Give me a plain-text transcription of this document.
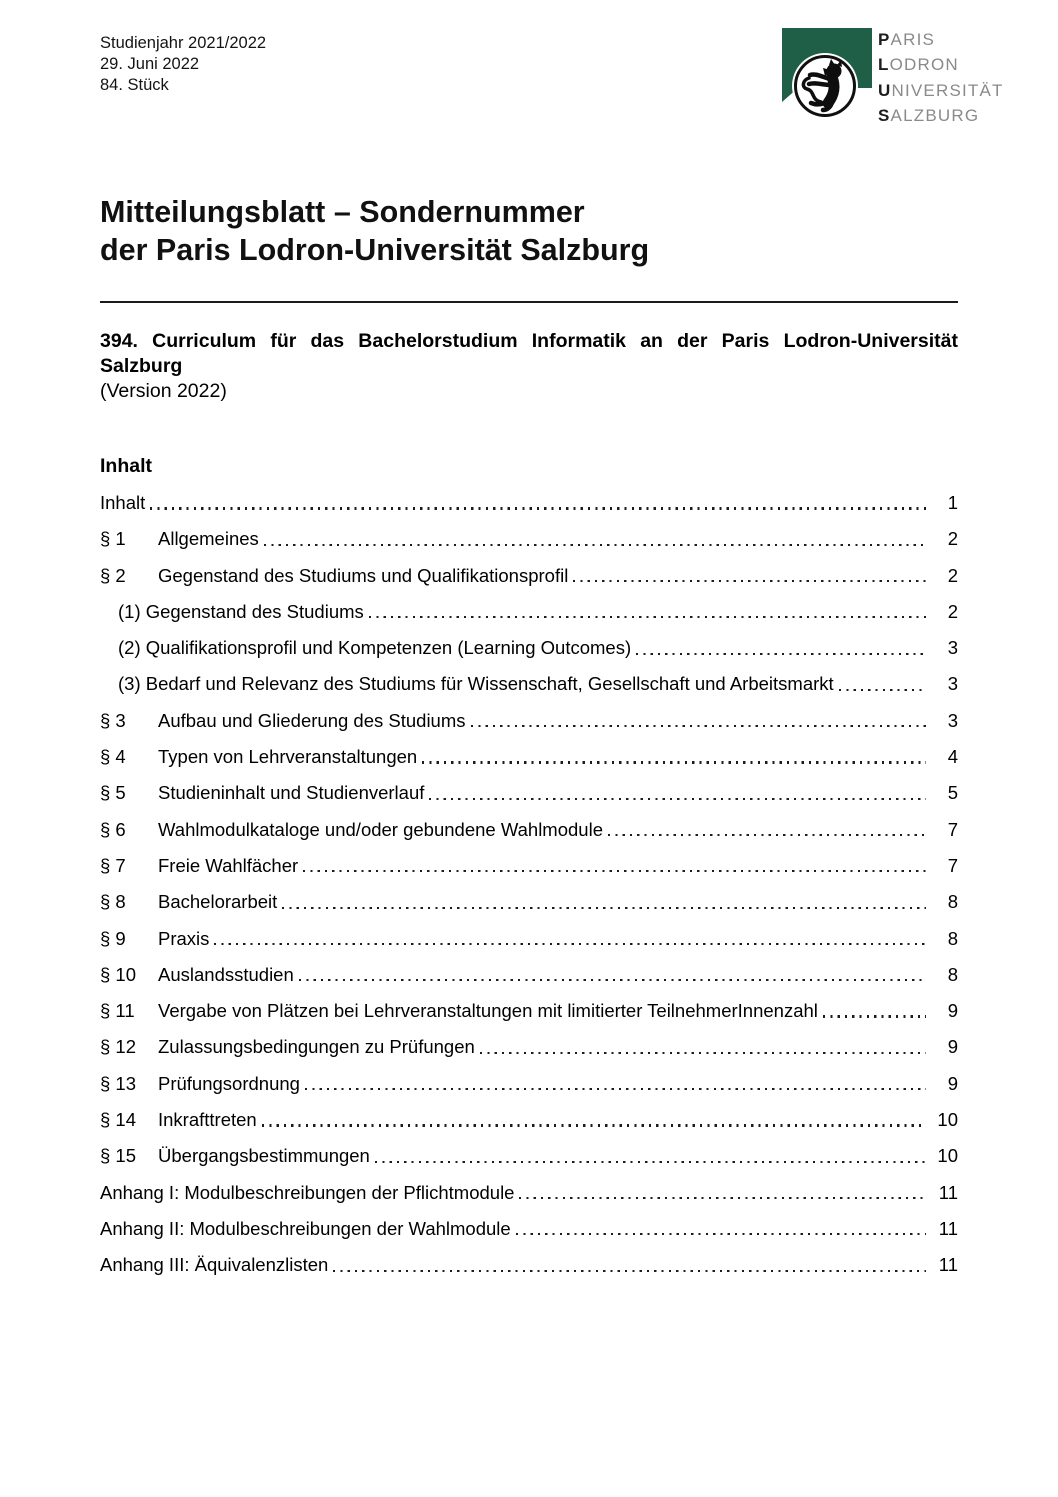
Studienjahr 2021/2022
29. Juni 2022
84. Stück
PARIS
LODRON
UNIVERSITÄT
SALZBURG
Mitteilungsblatt – Sondernummer
der Paris Lodron-Universität Salzburg
394. Curriculum für das Bachelorstudium Informatik an der Paris Lodron-Universität
Salzburg
(Version 2022)
Inhalt
Inhalt	1
§ 1	Allgemeines	2
§ 2	Gegenstand des Studiums und Qualifikationsprofil	2
(1) Gegenstand des Studiums	2
(2) Qualifikationsprofil und Kompetenzen (Learning Outcomes)	3
(3) Bedarf und Relevanz des Studiums für Wissenschaft, Gesellschaft und Arbeitsmarkt	3
§ 3	Aufbau und Gliederung des Studiums	3
§ 4	Typen von Lehrveranstaltungen	4
§ 5	Studieninhalt und Studienverlauf	5
§ 6	Wahlmodulkataloge und/oder gebundene Wahlmodule	7
§ 7	Freie Wahlfächer	7
§ 8	Bachelorarbeit	8
§ 9	Praxis	8
§ 10	Auslandsstudien	8
§ 11	Vergabe von Plätzen bei Lehrveranstaltungen mit limitierter TeilnehmerInnenzahl	9
§ 12	Zulassungsbedingungen zu Prüfungen	9
§ 13	Prüfungsordnung	9
§ 14	Inkrafttreten	10
§ 15	Übergangsbestimmungen	10
Anhang I: Modulbeschreibungen der Pflichtmodule	11
Anhang II: Modulbeschreibungen der Wahlmodule	11
Anhang III: Äquivalenzlisten	11
